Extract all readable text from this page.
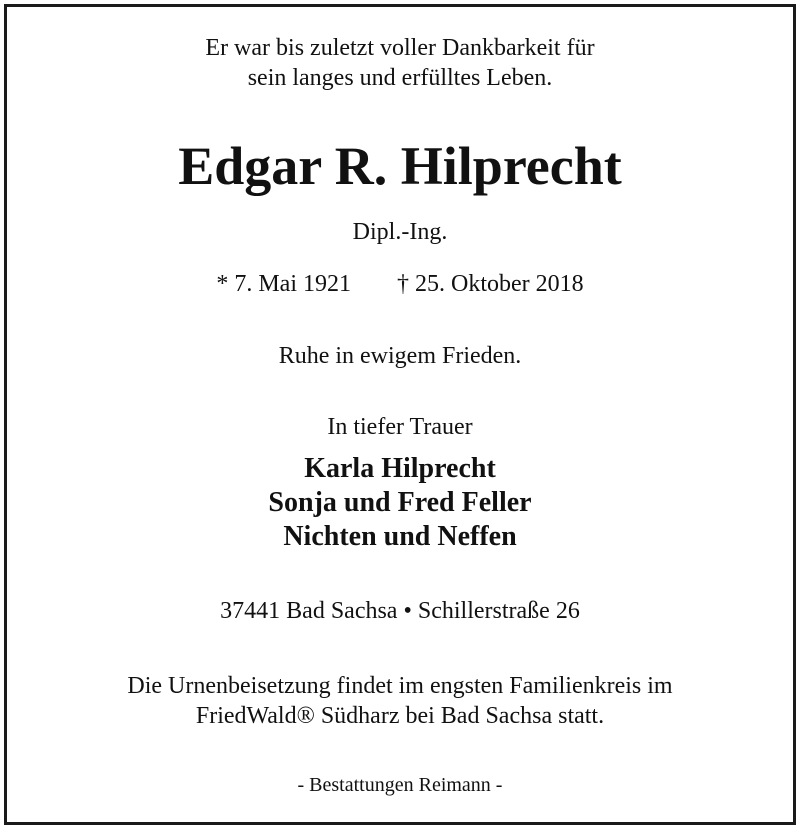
Er war bis zuletzt voller Dankbarkeit für
sein langes und erfülltes Leben.
Edgar R. Hilprecht
Dipl.-Ing.
* 7. Mai 1921 † 25. Oktober 2018
Ruhe in ewigem Frieden.
In tiefer Trauer
Karla Hilprecht
Sonja und Fred Feller
Nichten und Neffen
37441 Bad Sachsa • Schillerstraße 26
Die Urnenbeisetzung findet im engsten Familienkreis im
FriedWald® Südharz bei Bad Sachsa statt.
- Bestattungen Reimann -
